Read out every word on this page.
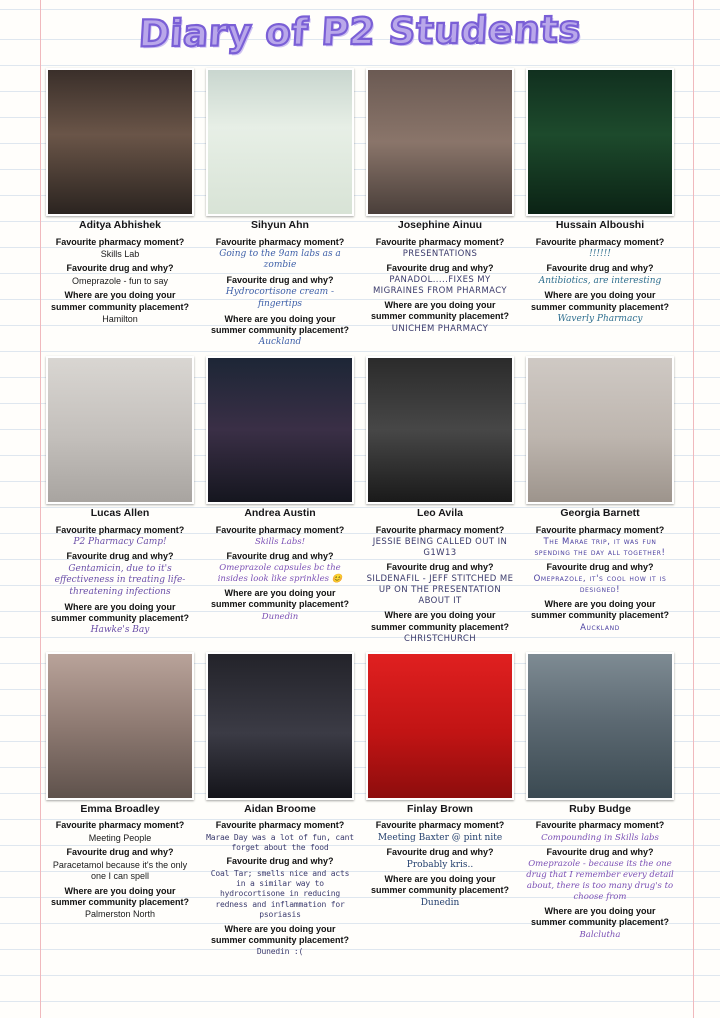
Diary of P2 Students
Aditya Abhishek
Favourite pharmacy moment?
Skills Lab
Favourite drug and why?
Omeprazole - fun to say
Where are you doing your summer community placement?
Hamilton
Sihyun Ahn
Favourite pharmacy moment?
Going to the 9am labs as a zombie
Favourite drug and why?
Hydrocortisone cream - fingertips
Where are you doing your summer community placement?
Auckland
Josephine Ainuu
Favourite pharmacy moment?
PRESENTATIONS
Favourite drug and why?
PANADOL.....FIXES MY MIGRAINES FROM PHARMACY
Where are you doing your summer community placement?
UNICHEM PHARMACY
Hussain Alboushi
Favourite pharmacy moment?
!!!!!!
Favourite drug and why?
Antibiotics, are interesting
Where are you doing your summer community placement?
Waverly Pharmacy
Lucas Allen
Favourite pharmacy moment?
P2 Pharmacy Camp!
Favourite drug and why?
Gentamicin, due to it's effectiveness in treating life-threatening infections
Where are you doing your summer community placement?
Hawke's Bay
Andrea Austin
Favourite pharmacy moment?
Skills Labs!
Favourite drug and why?
Omeprazole capsules bc the insides look like sprinkles 😊
Where are you doing your summer community placement?
Dunedin
Leo Avila
Favourite pharmacy moment?
JESSIE BEING CALLED OUT IN G1W13
Favourite drug and why?
SILDENAFIL - JEFF STITCHED ME UP ON THE PRESENTATION ABOUT IT
Where are you doing your summer community placement?
CHRISTCHURCH
Georgia Barnett
Favourite pharmacy moment?
The Marae trip, it was fun spending the day all together!
Favourite drug and why?
Omeprazole, it's cool how it is designed!
Where are you doing your summer community placement?
Auckland
Emma Broadley
Favourite pharmacy moment?
Meeting People
Favourite drug and why?
Paracetamol because it's the only one I can spell
Where are you doing your summer community placement?
Palmerston North
Aidan Broome
Favourite pharmacy moment?
Marae Day was a lot of fun, cant forget about the food
Favourite drug and why?
Coal Tar; smells nice and acts in a similar way to hydrocortisone in reducing redness and inflammation for psoriasis
Where are you doing your summer community placement?
Dunedin :(
Finlay Brown
Favourite pharmacy moment?
Meeting Baxter @ pint nite
Favourite drug and why?
Probably kris..
Where are you doing your summer community placement?
Dunedin
Ruby Budge
Favourite pharmacy moment?
Compounding in Skills labs
Favourite drug and why?
Omeprazole - because its the one drug that I remember every detail about, there is too many drug's to choose from
Where are you doing your summer community placement?
Balclutha
